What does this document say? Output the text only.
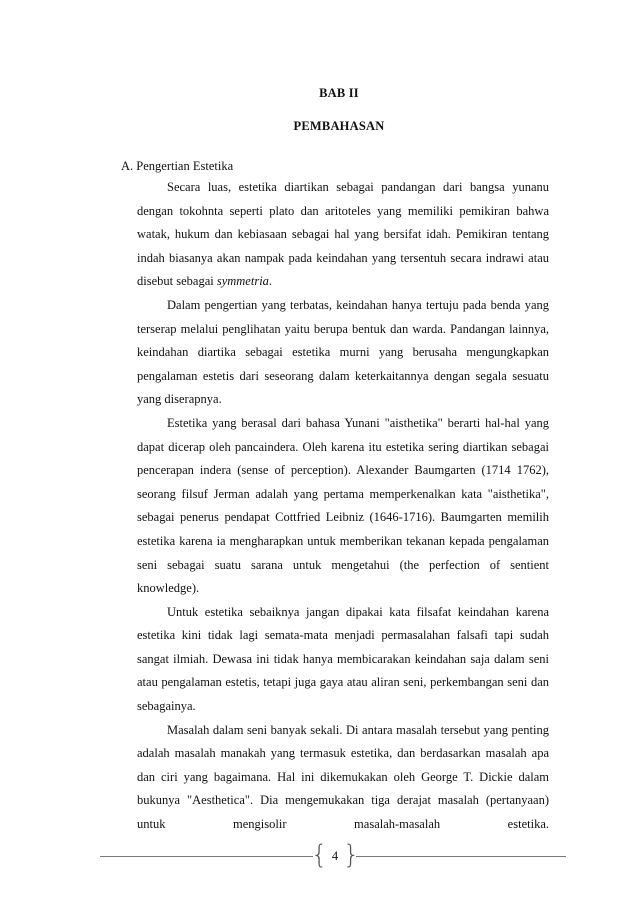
BAB II
PEMBAHASAN
A. Pengertian Estetika

Secara luas, estetika diartikan sebagai pandangan dari bangsa yunanu dengan tokohnta seperti plato dan aritoteles yang memiliki pemikiran bahwa watak, hukum dan kebiasaan sebagai hal yang bersifat idah. Pemikiran tentang indah biasanya akan nampak pada keindahan yang tersentuh secara indrawi atau disebut sebagai symmetria.

Dalam pengertian yang terbatas, keindahan hanya tertuju pada benda yang terserap melalui penglihatan yaitu berupa bentuk dan warda. Pandangan lainnya, keindahan diartika sebagai estetika murni yang berusaha mengungkapkan pengalaman estetis dari seseorang dalam keterkaitannya dengan segala sesuatu yang diserapnya.

Estetika yang berasal dari bahasa Yunani "aisthetika" berarti hal-hal yang dapat dicerap oleh pancaindera. Oleh karena itu estetika sering diartikan sebagai pencerapan indera (sense of perception). Alexander Baumgarten (1714 1762), seorang filsuf Jerman adalah yang pertama memperkenalkan kata "aisthetika", sebagai penerus pendapat Cottfried Leibniz (1646-1716). Baumgarten memilih estetika karena ia mengharapkan untuk memberikan tekanan kepada pengalaman seni sebagai suatu sarana untuk mengetahui (the perfection of sentient knowledge).

Untuk estetika sebaiknya jangan dipakai kata filsafat keindahan karena estetika kini tidak lagi semata-mata menjadi permasalahan falsafi tapi sudah sangat ilmiah. Dewasa ini tidak hanya membicarakan keindahan saja dalam seni atau pengalaman estetis, tetapi juga gaya atau aliran seni, perkembangan seni dan sebagainya.

Masalah dalam seni banyak sekali. Di antara masalah tersebut yang penting adalah masalah manakah yang termasuk estetika, dan berdasarkan masalah apa dan ciri yang bagaimana. Hal ini dikemukakan oleh George T. Dickie dalam bukunya "Aesthetica". Dia mengemukakan tiga derajat masalah (pertanyaan) untuk mengisolir masalah-masalah estetika.

{ 4 }
